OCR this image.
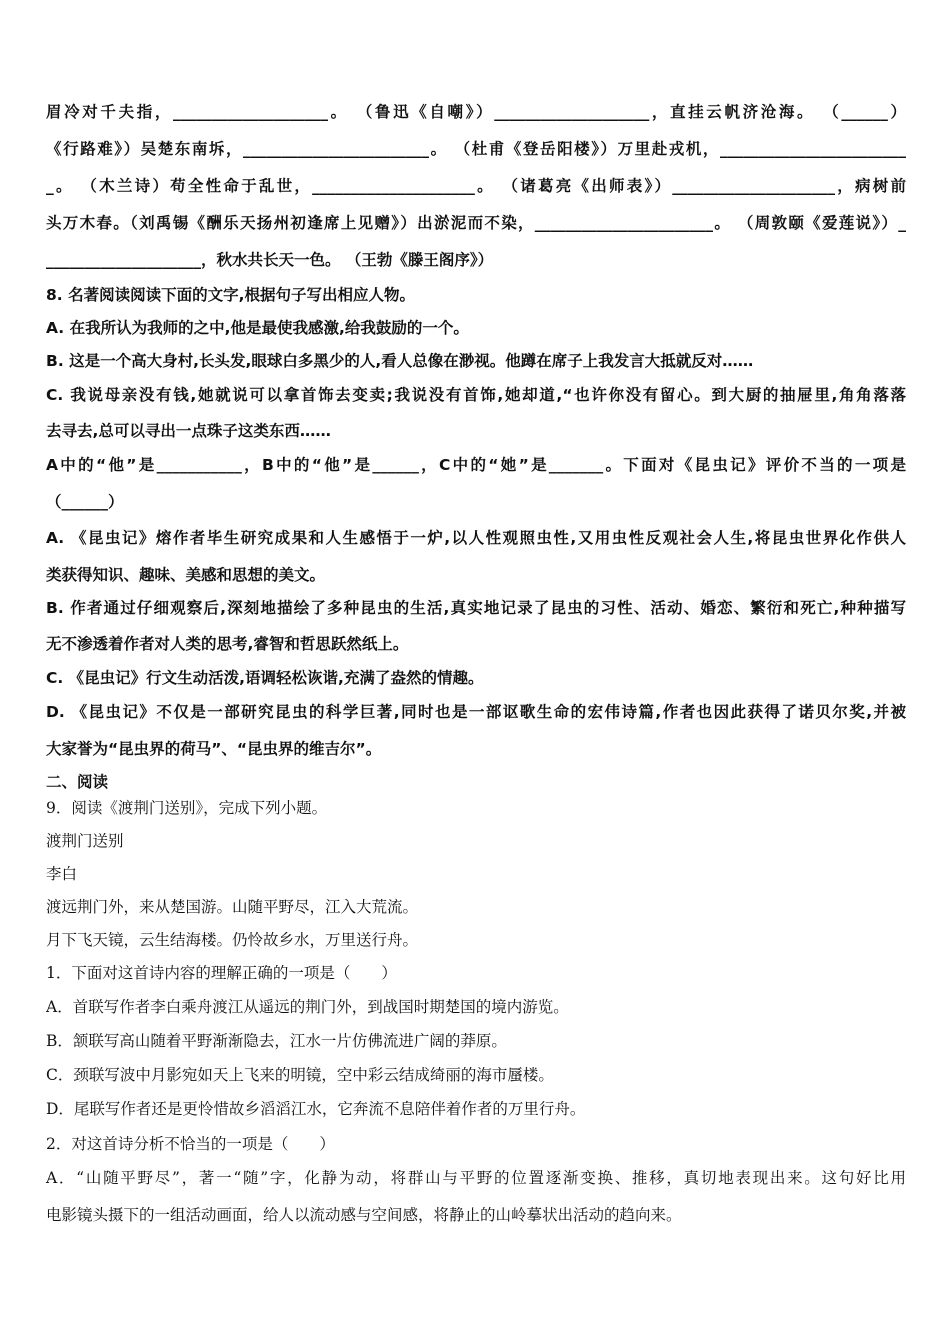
眉冷对千夫指，____________________。 （鲁迅《自嘲》）____________________，直挂云帆济沧海。 （______）
《行路难》）吴楚东南坼，________________________。 （杜甫《登岳阳楼》）万里赴戎机，________________________
_。 （木兰诗）苟全性命于乱世，_____________________。 （诸葛亮《出师表》）_____________________，病树前
头万木春。（刘禹锡《酬乐天扬州初逢席上见赠》）出淤泥而不染，_______________________。 （周敦颐《爱莲说》）_
____________________，秋水共长天一色。 （王勃《滕王阁序》）
8. 名著阅读阅读下面的文字,根据句子写出相应人物。
A. 在我所认为我师的之中,他是最使我感激,给我鼓励的一个。
B. 这是一个高大身村,长头发,眼球白多黑少的人,看人总像在渺视。他蹲在席子上我发言大抵就反对……
C. 我说母亲没有钱,她就说可以拿首饰去变卖;我说没有首饰,她却道,“也许你没有留心。到大厨的抽屉里,角角落落
去寻去,总可以寻出一点珠子这类东西……
A中的“他”是___________，B中的“他”是______，C中的“她”是_______。下面对《昆虫记》评价不当的一项是
（______）
A. 《昆虫记》熔作者毕生研究成果和人生感悟于一炉,以人性观照虫性,又用虫性反观社会人生,将昆虫世界化作供人
类获得知识、趣味、美感和思想的美文。
B. 作者通过仔细观察后,深刻地描绘了多种昆虫的生活,真实地记录了昆虫的习性、活动、婚恋、繁衍和死亡,种种描写
无不渗透着作者对人类的思考,睿智和哲思跃然纸上。
C. 《昆虫记》行文生动活泼,语调轻松诙谐,充满了盎然的情趣。
D. 《昆虫记》不仅是一部研究昆虫的科学巨著,同时也是一部讴歌生命的宏伟诗篇,作者也因此获得了诺贝尔奖,并被
大家誉为“昆虫界的荷马”、“昆虫界的维吉尔”。
二、阅读
9．阅读《渡荆门送别》，完成下列小题。
渡荆门送别
李白
渡远荆门外，来从楚国游。山随平野尽，江入大荒流。
月下飞天镜，云生结海楼。仍怜故乡水，万里送行舟。
1．下面对这首诗内容的理解正确的一项是（　　）
A．首联写作者李白乘舟渡江从遥远的荆门外，到战国时期楚国的境内游览。
B．颔联写高山随着平野渐渐隐去，江水一片仿佛流进广阔的莽原。
C．颈联写波中月影宛如天上飞来的明镜，空中彩云结成绮丽的海市蜃楼。
D．尾联写作者还是更怜惜故乡滔滔江水，它奔流不息陪伴着作者的万里行舟。
2．对这首诗分析不恰当的一项是（　　）
A．“山随平野尽”，著一“随”字，化静为动，将群山与平野的位置逐渐变换、推移，真切地表现出来。这句好比用
电影镜头摄下的一组活动画面，给人以流动感与空间感，将静止的山岭摹状出活动的趋向来。
